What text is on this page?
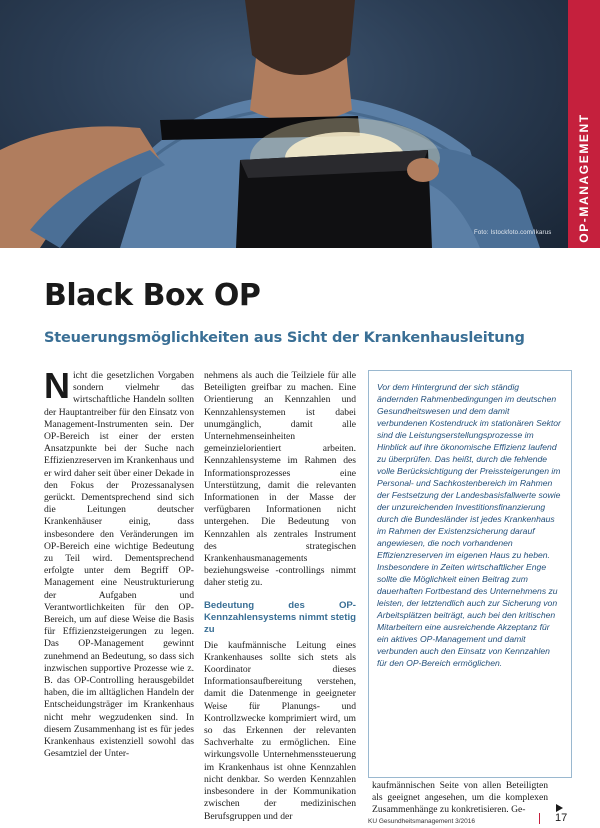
Foto: Istockfoto.com/Ikarus OP-MANAGEMENT
Black Box OP
Steuerungsmöglichkeiten aus Sicht der Krankenhausleitung
N icht die gesetzlichen Vorgaben sondern vielmehr das wirtschaftliche Handeln sollten der Hauptantreiber für den Einsatz von Management-Instrumenten sein. Der OP-Bereich ist einer der ersten Ansatzpunkte bei der Suche nach Effizienzreserven im Krankenhaus und er wird daher seit über einer Dekade in den Fokus der Prozessanalysen gerückt. Dementsprechend sind sich die Leitungen deutscher Krankenhäuser einig, dass insbesondere den Veränderungen im OP-Bereich eine wichtige Bedeutung zu Teil wird. Dementsprechend erfolgte unter dem Begriff OP-Management eine Neustrukturierung der Aufgaben und Verantwortlichkeiten für den OP-Bereich, um auf diese Weise die Basis für Effizienzsteigerungen zu legen. Das OP-Management gewinnt zunehmend an Bedeutung, so dass sich inzwischen supportive Prozesse wie z. B. das OP-Controlling herausgebildet haben, die im alltäglichen Handeln der Entscheidungsträger im Krankenhaus nicht mehr wegzudenken sind. In diesem Zusammenhang ist es für jedes Krankenhaus existenziell sowohl das Gesamtziel der Unter-

nehmens als auch die Teilziele für alle Beteiligten greifbar zu machen. Eine Orientierung an Kennzahlen und Kennzahlensystemen ist dabei unumgänglich, damit alle Unternehmenseinheiten gemeinzielorientiert arbeiten. Kennzahlensysteme im Rahmen des Informationsprozesses eine Unterstützung, damit die relevanten Informationen in der Masse der verfügbaren Informationen nicht untergehen. Die Bedeutung von Kennzahlen als zentrales Instrument des strategischen Krankenhausmanagements beziehungsweise -controllings nimmt daher stetig zu.

Bedeutung des OP-Kennzahlensystems nimmt stetig zu

Die kaufmännische Leitung eines Krankenhauses sollte sich stets als Koordinator dieses Informationsaufbereitung verstehen, damit die Datenmenge in geeigneter Weise für Planungs- und Kontrollzwecke komprimiert wird, um so das Erkennen der relevanten Sachverhalte zu ermöglichen. Eine wirkungsvolle Unternehmenssteuerung im Krankenhaus ist ohne Kennzahlen nicht denkbar. So werden Kennzahlen insbesondere in der Kommunikation zwischen der medizinischen Berufsgruppen und der

Vor dem Hintergrund der sich ständig ändernden Rahmenbedingungen im deutschen Gesundheitswesen und dem damit verbundenen Kostendruck im stationären Sektor sind die Leistungserstellungsprozesse im Hinblick auf ihre ökonomische Effizienz laufend zu überprüfen. Das heißt, durch die fehlende volle Berücksichtigung der Preissteigerungen im Personal- und Sachkostenbereich im Rahmen der Festsetzung der Landesbasisfallwerte sowie der unzureichenden Investitionsfinanzierung durch die Bundesländer ist jedes Krankenhaus im Rahmen der Existenzsicherung darauf angewiesen, die noch vorhandenen Effizienzreserven im eigenen Haus zu heben. Insbesondere in Zeiten wirtschaftlicher Enge sollte die Möglichkeit einen Beitrag zum dauerhaften Fortbestand des Unternehmens zu leisten, der letztendlich auch zur Sicherung von Arbeitsplätzen beiträgt, auch bei den kritischen Mitarbeitern eine ausreichende Akzeptanz für ein aktives OP-Management und damit verbunden auch den Einsatz von Kennzahlen für den OP-Bereich ermöglichen.

kaufmännischen Seite von allen Beteiligten als geeignet angesehen, um die komplexen Zusammenhänge zu konkretisieren. Ge-

KU Gesundheitsmanagement 3/2016	17
